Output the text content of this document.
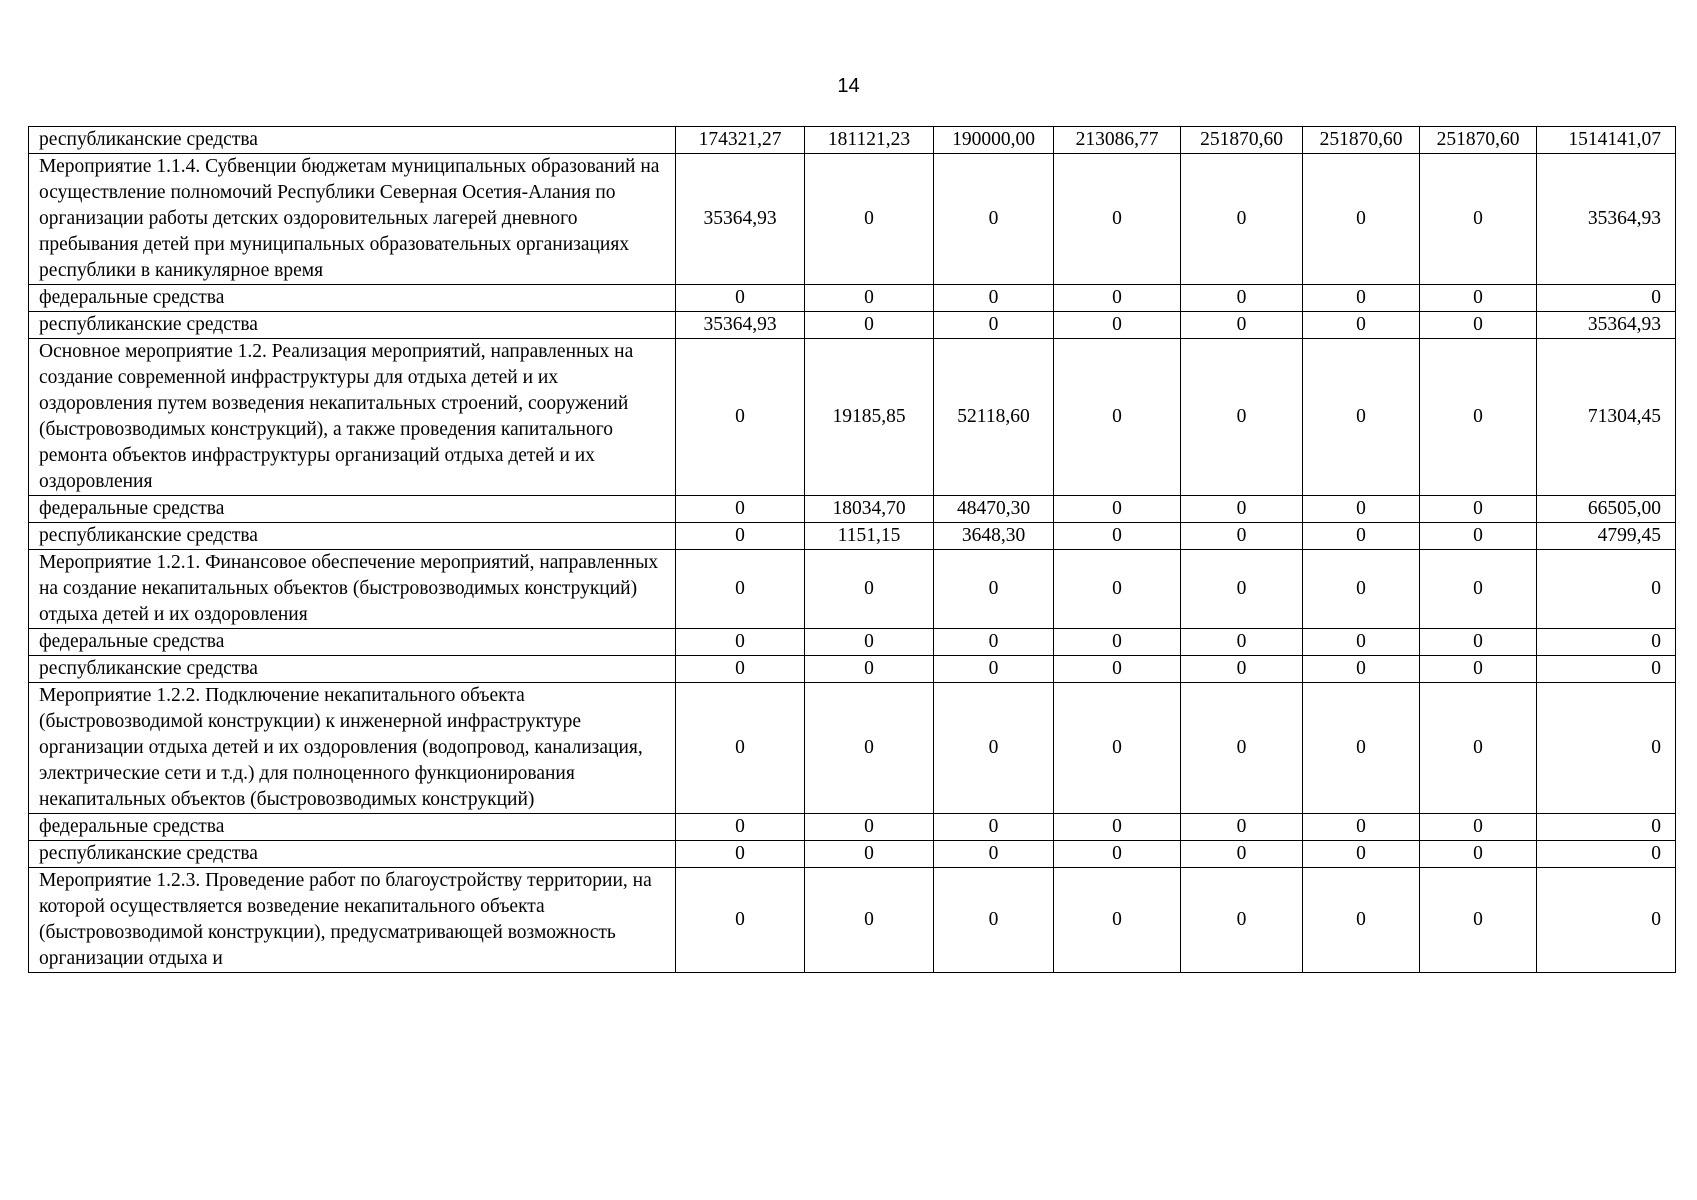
14
республиканские средства	174321,27	181121,23	190000,00	213086,77	251870,60	251870,60	251870,60	1514141,07
Мероприятие 1.1.4. Субвенции бюджетам муниципальных образований на осуществление полномочий Республики Северная Осетия-Алания по организации работы детских оздоровительных лагерей дневного пребывания детей при муниципальных образовательных организациях республики в каникулярное время	35364,93	0	0	0	0	0	0	35364,93
федеральные средства	0	0	0	0	0	0	0	0
республиканские средства	35364,93	0	0	0	0	0	0	35364,93
Основное мероприятие 1.2. Реализация мероприятий, направленных на создание современной инфраструктуры для отдыха детей и их оздоровления путем возведения некапитальных строений, сооружений (быстровозводимых конструкций), а также проведения капитального ремонта объектов инфраструктуры организаций отдыха детей и их оздоровления	0	19185,85	52118,60	0	0	0	0	71304,45
федеральные средства	0	18034,70	48470,30	0	0	0	0	66505,00
республиканские средства	0	1151,15	3648,30	0	0	0	0	4799,45
Мероприятие 1.2.1. Финансовое обеспечение мероприятий, направленных на создание некапитальных объектов (быстровозводимых конструкций) отдыха детей и их оздоровления	0	0	0	0	0	0	0	0
федеральные средства	0	0	0	0	0	0	0	0
республиканские средства	0	0	0	0	0	0	0	0
Мероприятие 1.2.2. Подключение некапитального объекта (быстровозводимой конструкции) к инженерной инфраструктуре организации отдыха детей и их оздоровления (водопровод, канализация, электрические сети и т.д.) для полноценного функционирования некапитальных объектов (быстровозводимых конструкций)	0	0	0	0	0	0	0	0
федеральные средства	0	0	0	0	0	0	0	0
республиканские средства	0	0	0	0	0	0	0	0
Мероприятие 1.2.3. Проведение работ по благоустройству территории, на которой осуществляется возведение некапитального объекта (быстровозводимой конструкции), предусматривающей возможность организации отдыха и	0	0	0	0	0	0	0	0
